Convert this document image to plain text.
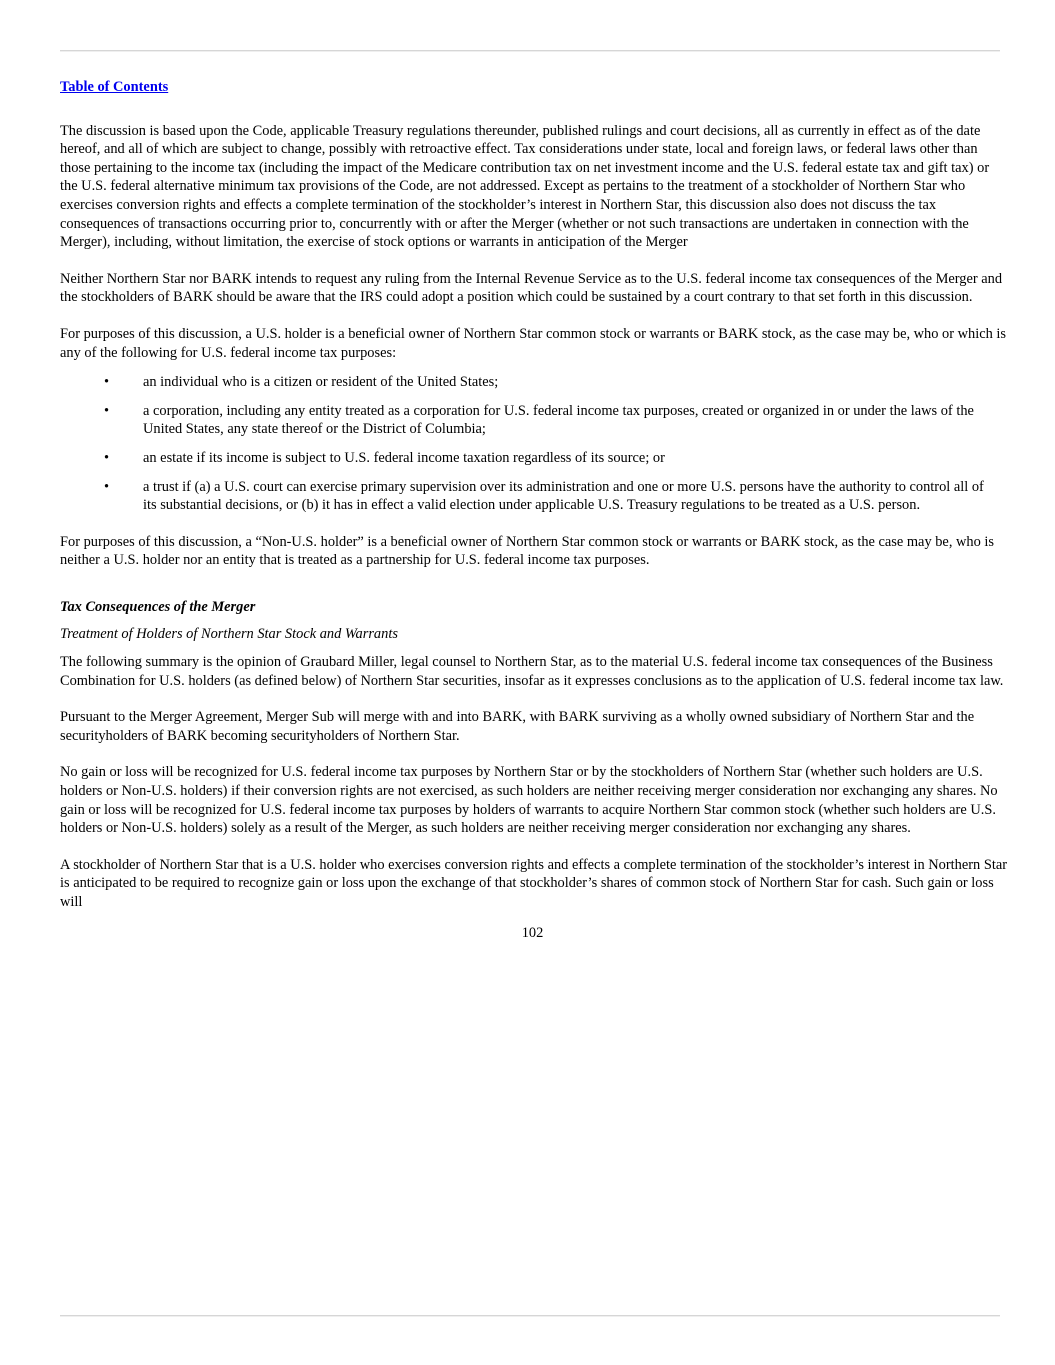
Table of Contents

The discussion is based upon the Code, applicable Treasury regulations thereunder, published rulings and court decisions, all as currently in effect as of the date hereof, and all of which are subject to change, possibly with retroactive effect. Tax considerations under state, local and foreign laws, or federal laws other than those pertaining to the income tax (including the impact of the Medicare contribution tax on net investment income and the U.S. federal estate tax and gift tax) or the U.S. federal alternative minimum tax provisions of the Code, are not addressed. Except as pertains to the treatment of a stockholder of Northern Star who exercises conversion rights and effects a complete termination of the stockholder’s interest in Northern Star, this discussion also does not discuss the tax consequences of transactions occurring prior to, concurrently with or after the Merger (whether or not such transactions are undertaken in connection with the Merger), including, without limitation, the exercise of stock options or warrants in anticipation of the Merger

Neither Northern Star nor BARK intends to request any ruling from the Internal Revenue Service as to the U.S. federal income tax consequences of the Merger and the stockholders of BARK should be aware that the IRS could adopt a position which could be sustained by a court contrary to that set forth in this discussion.

For purposes of this discussion, a U.S. holder is a beneficial owner of Northern Star common stock or warrants or BARK stock, as the case may be, who or which is any of the following for U.S. federal income tax purposes:

• an individual who is a citizen or resident of the United States;
• a corporation, including any entity treated as a corporation for U.S. federal income tax purposes, created or organized in or under the laws of the United States, any state thereof or the District of Columbia;
• an estate if its income is subject to U.S. federal income taxation regardless of its source; or
• a trust if (a) a U.S. court can exercise primary supervision over its administration and one or more U.S. persons have the authority to control all of its substantial decisions, or (b) it has in effect a valid election under applicable U.S. Treasury regulations to be treated as a U.S. person.

For purposes of this discussion, a “Non-U.S. holder” is a beneficial owner of Northern Star common stock or warrants or BARK stock, as the case may be, who is neither a U.S. holder nor an entity that is treated as a partnership for U.S. federal income tax purposes.

Tax Consequences of the Merger

Treatment of Holders of Northern Star Stock and Warrants

The following summary is the opinion of Graubard Miller, legal counsel to Northern Star, as to the material U.S. federal income tax consequences of the Business Combination for U.S. holders (as defined below) of Northern Star securities, insofar as it expresses conclusions as to the application of U.S. federal income tax law.

Pursuant to the Merger Agreement, Merger Sub will merge with and into BARK, with BARK surviving as a wholly owned subsidiary of Northern Star and the securityholders of BARK becoming securityholders of Northern Star.

No gain or loss will be recognized for U.S. federal income tax purposes by Northern Star or by the stockholders of Northern Star (whether such holders are U.S. holders or Non-U.S. holders) if their conversion rights are not exercised, as such holders are neither receiving merger consideration nor exchanging any shares. No gain or loss will be recognized for U.S. federal income tax purposes by holders of warrants to acquire Northern Star common stock (whether such holders are U.S. holders or Non-U.S. holders) solely as a result of the Merger, as such holders are neither receiving merger consideration nor exchanging any shares.

A stockholder of Northern Star that is a U.S. holder who exercises conversion rights and effects a complete termination of the stockholder’s interest in Northern Star is anticipated to be required to recognize gain or loss upon the exchange of that stockholder’s shares of common stock of Northern Star for cash. Such gain or loss will

102
